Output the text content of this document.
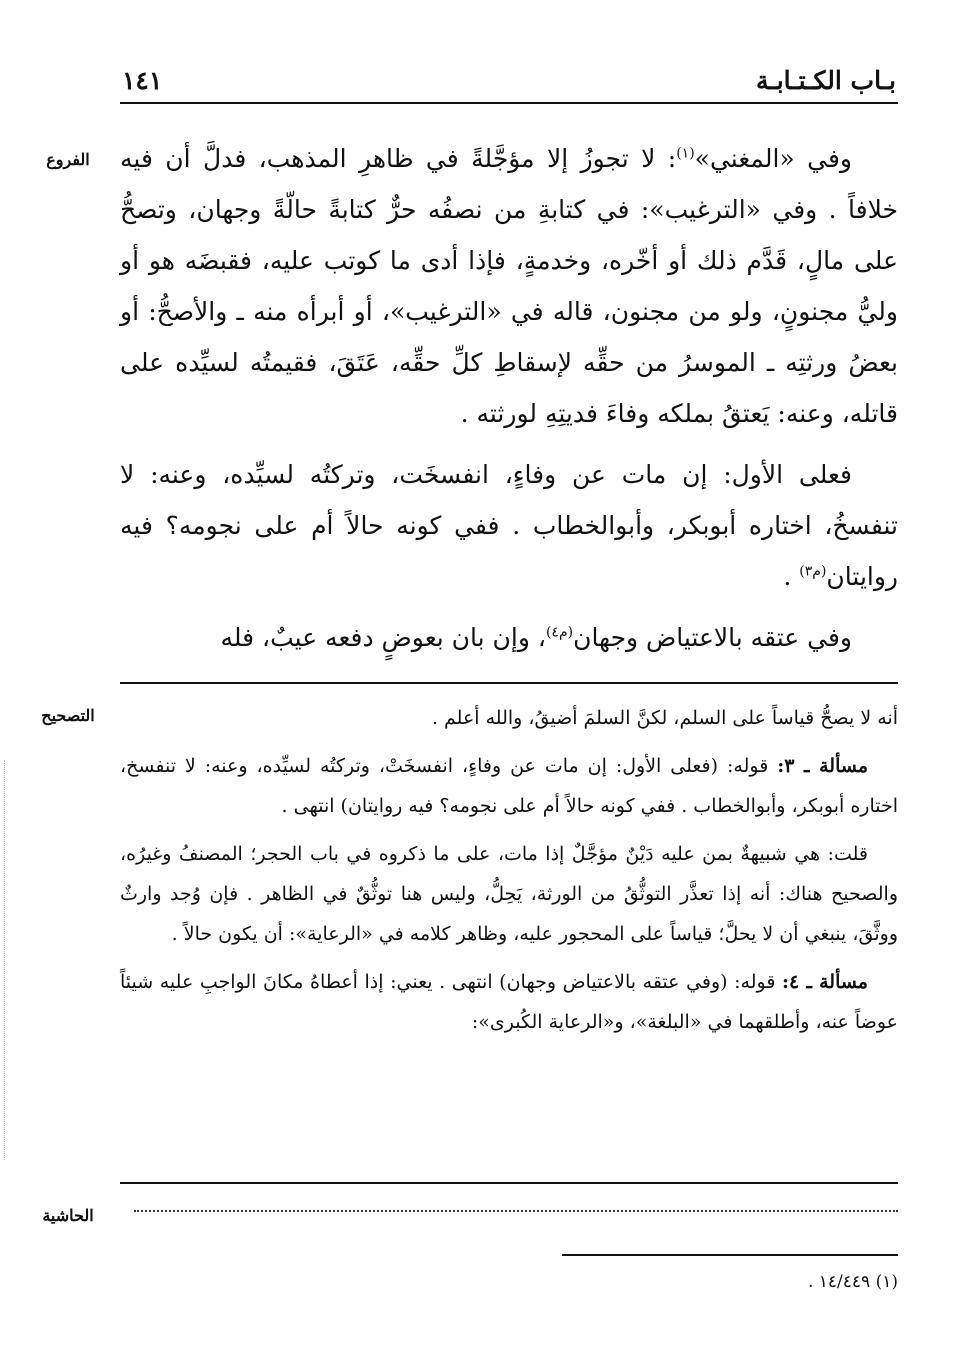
١٤١	بـاب الكـتـابـة
الفروع	وفي «المغني»$^{(١)}$: لا تجوزُ إلا مؤجَّلةً في ظاهرِ المذهب، فدلَّ أن فيه خلافاً . وفي «الترغيب»: في كتابةِ من نصفُه حرٌّ كتابةً حالّةً وجهان، وتصحُّ على مالٍ، قَدَّم ذلك أو أخّره، وخدمةٍ، فإذا أدى ما كوتب عليه، فقبضَه هو أو وليُّ مجنونٍ، ولو من مجنون، قاله في «الترغيب»، أو أبرأه منه ـ والأصحُّ: أو بعضُ ورثتِه ـ الموسرُ من حقِّه لإسقاطِ كلِّ حقِّه، عَتَقَ، فقيمتُه لسيِّده على قاتله، وعنه: يَعتقُ بملكه وفاءَ فديتِهِ لورثته .

فعلى الأول: إن مات عن وفاءٍ، انفسخَت، وتركتُه لسيِّده، وعنه: لا تنفسخُ، اختاره أبوبكر، وأبوالخطاب . ففي كونه حالاً أم على نجومه؟ فيه روايتان$^{(م٣)}$ .

وفي عتقه بالاعتياض وجهان$^{(م٤)}$، وإن بان بعوضٍ دفعه عيبٌ، فله

التصحيح	أنه لا يصحُّ قياساً على السلم، لكنَّ السلمَ أضيقُ، والله أعلم .

مسألة ـ ٣: قوله: (فعلى الأول: إن مات عن وفاءٍ، انفسخَتْ، وتركتُه لسيِّده، وعنه: لا تنفسخ، اختاره أبوبكر، وأبوالخطاب . ففي كونه حالاً أم على نجومه؟ فيه روايتان) انتهى .

قلت: هي شبيهةٌ بمن عليه دَيْنٌ مؤجَّلٌ إذا مات، على ما ذكروه في باب الحجر؛ المصنفُ وغيرُه، والصحيح هناك: أنه إذا تعذَّر التوثُّقُ من الورثة، يَحِلُّ، وليس هنا توثُّقٌ في الظاهر . فإن وُجد وارثٌ ووثَّقَ، ينبغي أن لا يحلَّ؛ قياساً على المحجور عليه، وظاهر كلامه في «الرعاية»: أن يكون حالاً .

مسألة ـ ٤: قوله: (وفي عتقه بالاعتياض وجهان) انتهى . يعني: إذا أعطاهُ مكانَ الواجبِ عليه شيئاً عوضاً عنه، وأطلقهما في «البلغة»، و«الرعاية الكُبرى»:

الحاشية
(١) ١٤/٤٤٩ .
